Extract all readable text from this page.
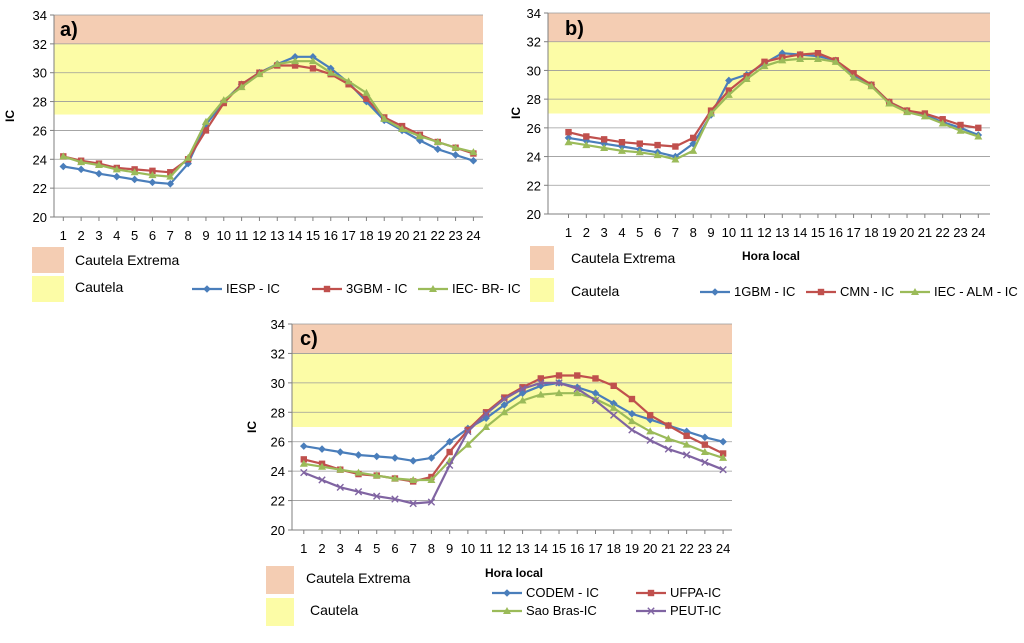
20
22
24
26
28
30
32
34
1 2 3 4 5 6 7 8 9 10 11 12 13 14 15 16 17 18 19 20 21 22 23 24
IC
a)
Cautela Extrema
Cautela	IESP - IC	3GBM - IC	IEC- BR- IC
20
22
24
26
28
30
32
34
1 2 3 4 5 6 7 8 9 10 11 12 13 14 15 16 17 18 19 20 21 22 23 24
IC
Hora local
b)
Cautela Extrema
Cautela	1GBM - IC	CMN - IC	IEC - ALM - IC
20
22
24
26
28
30
32
34
1 2 3 4 5 6 7 8 9 10 11 12 13 14 15 16 17 18 19 20 21 22 23 24
IC
Hora local
c)
Cautela Extrema
Cautela
CODEM - IC	UFPA-IC
Sao Bras-IC	PEUT-IC
